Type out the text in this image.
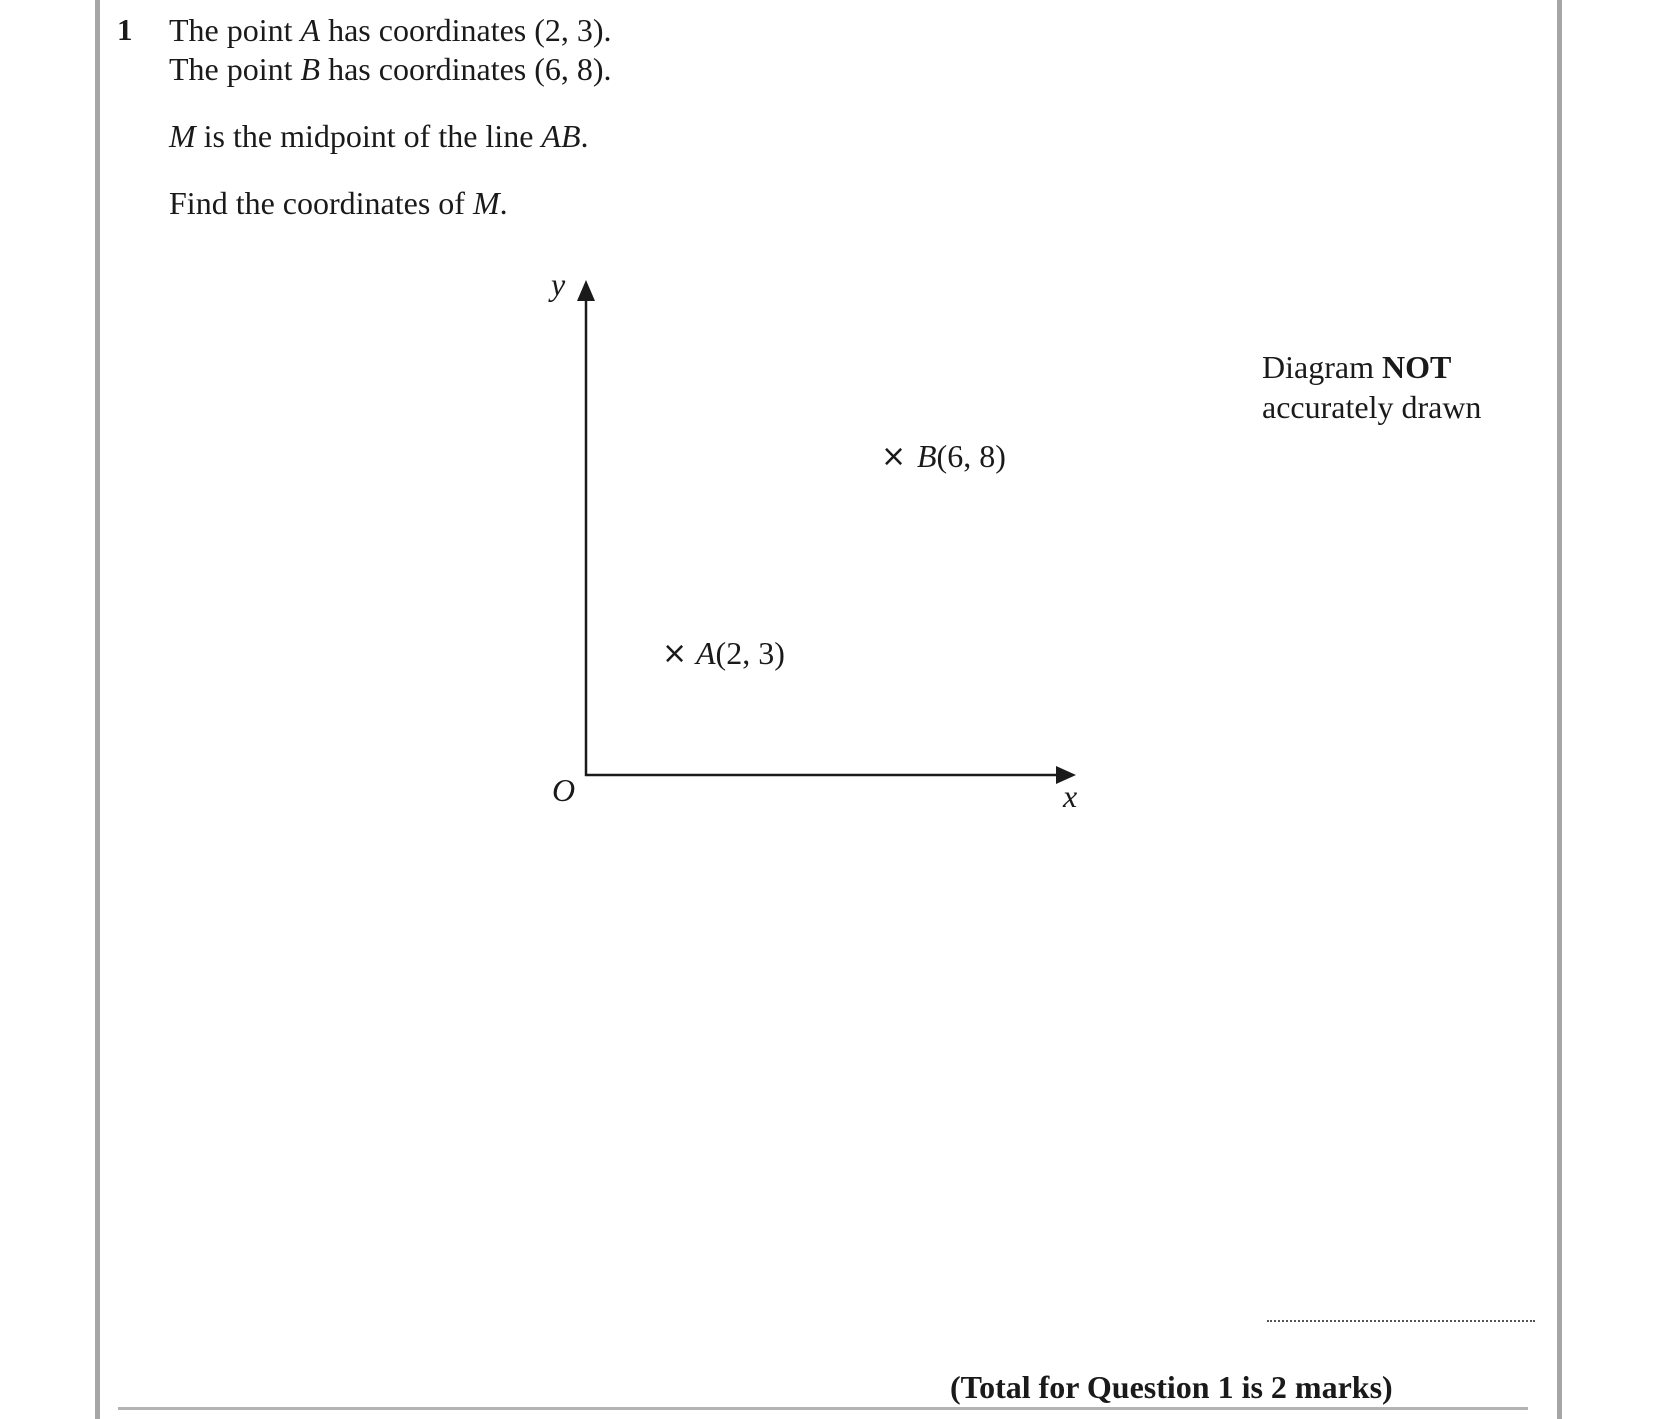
1 The point A has coordinates (2, 3).
The point B has coordinates (6, 8).
M is the midpoint of the line AB.
Find the coordinates of M.
y
x
O
× B(6, 8)
× A(2, 3)
Diagram NOT
accurately drawn
(Total for Question 1 is 2 marks)
